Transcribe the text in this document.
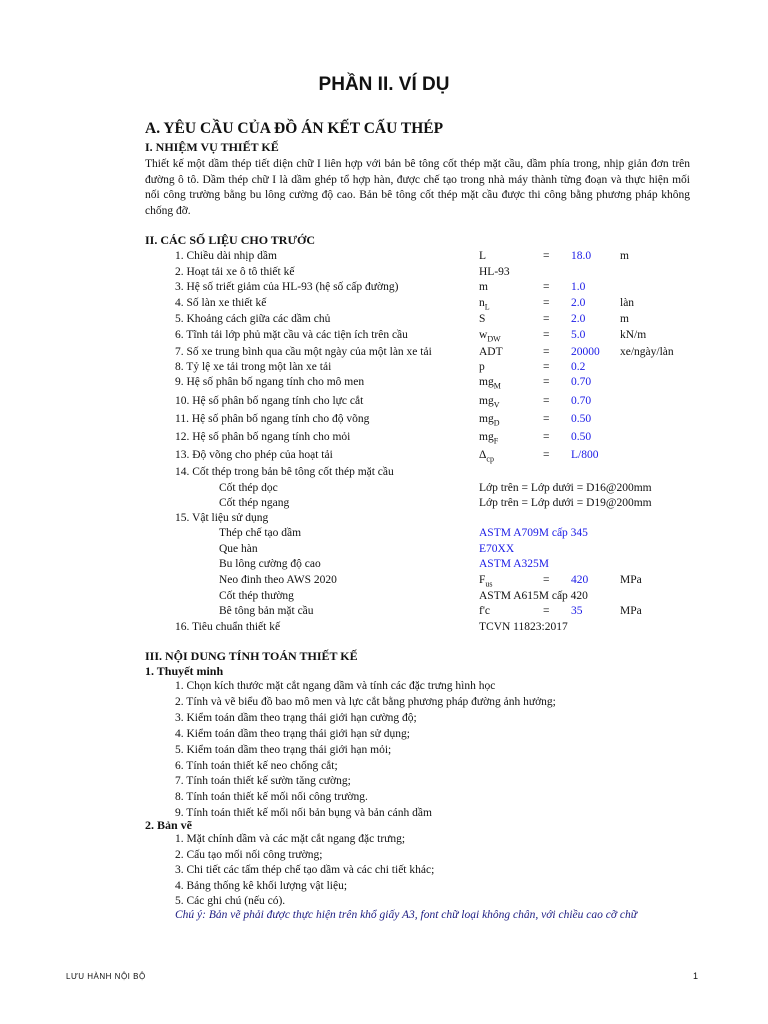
PHẦN II. VÍ DỤ
A. YÊU CẦU CỦA ĐỒ ÁN KẾT CẤU THÉP
I. NHIỆM VỤ THIẾT KẾ
Thiết kế một dầm thép tiết diện chữ I liên hợp với bản bê tông cốt thép mặt cầu, dầm phía trong, nhịp giản đơn trên đường ô tô. Dầm thép chữ I là dầm ghép tổ hợp hàn, được chế tạo trong nhà máy thành từng đoạn và thực hiện mối nối công trường bằng bu lông cường độ cao. Bản bê tông cốt thép mặt cầu được thi công bằng phương pháp không chống đỡ.
II. CÁC SỐ LIỆU CHO TRƯỚC
1. Chiều dài nhịp dầm	L	= 18.0	m
2. Hoạt tải xe ô tô thiết kế	HL-93
3. Hệ số triết giảm của HL-93 (hệ số cấp đường)	m	= 1.0
4. Số làn xe thiết kế	$n_L$	= 2.0	làn
5. Khoảng cách giữa các dầm chủ	S	= 2.0	m
6. Tĩnh tải lớp phủ mặt cầu và các tiện ích trên cầu	$w_{DW}$	= 5.0	kN/m
7. Số xe trung bình qua cầu một ngày của một làn xe tải	ADT	= 20000 xe/ngày/làn
8. Tỷ lệ xe tải trong một làn xe tải	p	= 0.2
9. Hệ số phân bố ngang tính cho mô men	$mg_M$	= 0.70
10. Hệ số phân bố ngang tính cho lực cắt	$mg_V$	= 0.70
11. Hệ số phân bố ngang tính cho độ võng	$mg_D$	= 0.50
12. Hệ số phân bố ngang tính cho mỏi	$mg_F$	= 0.50
13. Độ võng cho phép của hoạt tải	$\Delta_{cp}$	= L/800
14. Cốt thép trong bản bê tông cốt thép mặt cầu
Cốt thép dọc	Lớp trên = Lớp dưới = D16@200mm
Cốt thép ngang	Lớp trên = Lớp dưới = D19@200mm
15. Vật liệu sử dụng
Thép chế tạo dầm	ASTM A709M cấp 345
Que hàn	E70XX
Bu lông cường độ cao	ASTM A325M
Neo đinh theo AWS 2020	$F_{us}$	= 420	MPa
Cốt thép thường	ASTM A615M cấp 420
Bê tông bản mặt cầu	f'c	= 35	MPa
16. Tiêu chuẩn thiết kế	TCVN 11823:2017
III. NỘI DUNG TÍNH TOÁN THIẾT KẾ
1. Thuyết minh
1. Chọn kích thước mặt cắt ngang dầm và tính các đặc trưng hình học
2. Tính và vẽ biểu đồ bao mô men và lực cắt bằng phương pháp đường ảnh hưởng;
3. Kiểm toán dầm theo trạng thái giới hạn cường độ;
4. Kiểm toán dầm theo trạng thái giới hạn sử dụng;
5. Kiểm toán dầm theo trạng thái giới hạn mỏi;
6. Tính toán thiết kế neo chống cắt;
7. Tính toán thiết kế sườn tăng cường;
8. Tính toán thiết kế mối nối công trường.
9. Tính toán thiết kế mối nối bản bụng và bản cánh dầm
2. Bản vẽ
1. Mặt chính dầm và các mặt cắt ngang đặc trưng;
2. Cấu tạo mối nối công trường;
3. Chi tiết các tấm thép chế tạo dầm và các chi tiết khác;
4. Bảng thống kê khối lượng vật liệu;
5. Các ghi chú (nếu có).
Chú ý: Bản vẽ phải được thực hiện trên khổ giấy A3, font chữ loại không chân, với chiều cao cỡ chữ
LƯU HÀNH NỘI BỘ	1
